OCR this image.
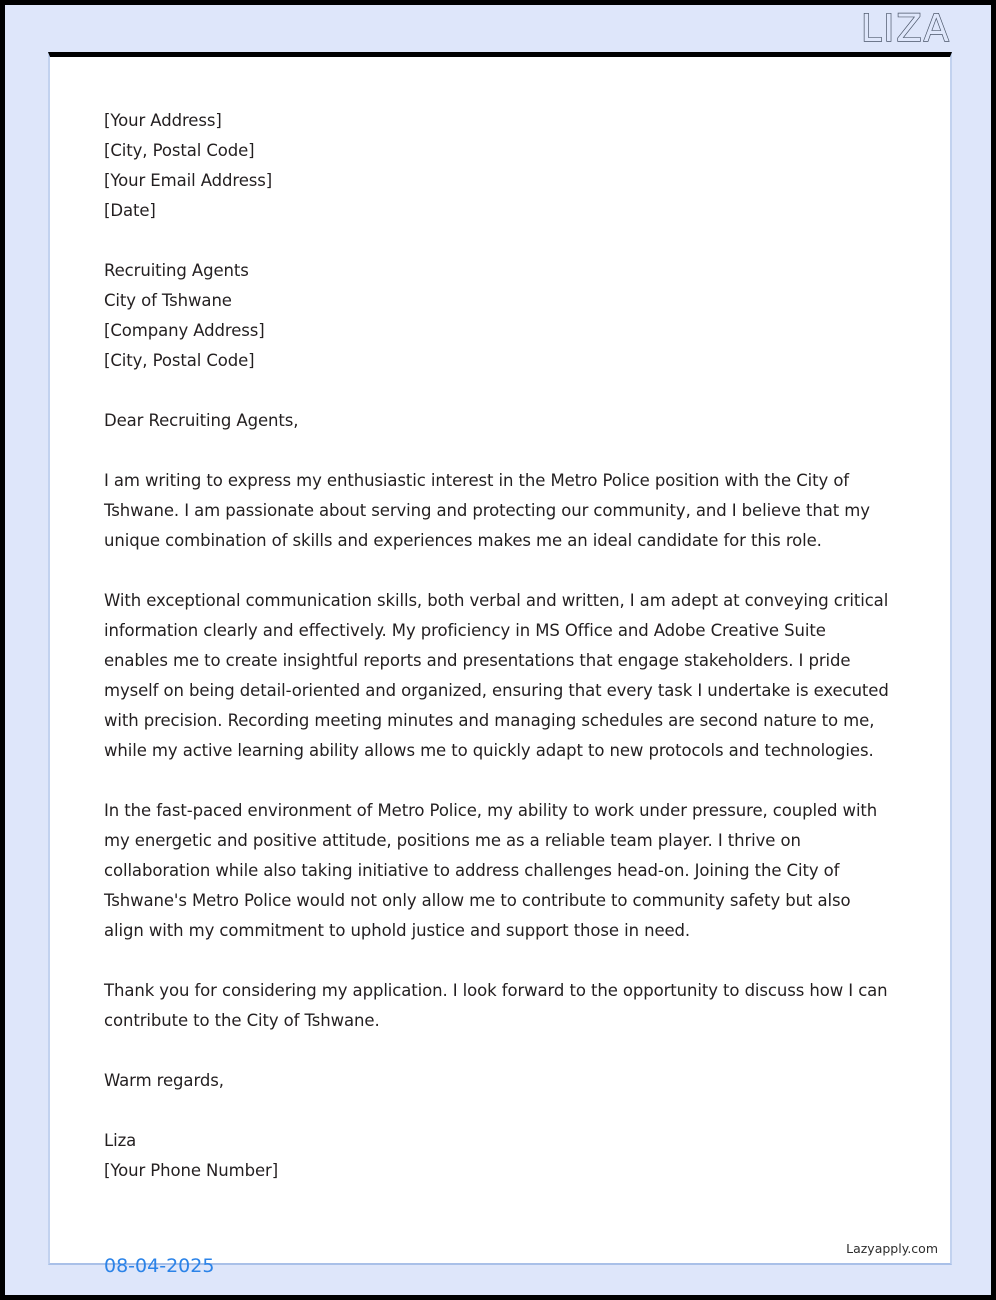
LIZA
[Your Address]
[City, Postal Code]
[Your Email Address]
[Date]
Recruiting Agents
City of Tshwane
[Company Address]
[City, Postal Code]
Dear Recruiting Agents,

I am writing to express my enthusiastic interest in the Metro Police position with the City of Tshwane. I am passionate about serving and protecting our community, and I believe that my unique combination of skills and experiences makes me an ideal candidate for this role.

With exceptional communication skills, both verbal and written, I am adept at conveying critical information clearly and effectively. My proficiency in MS Office and Adobe Creative Suite enables me to create insightful reports and presentations that engage stakeholders. I pride myself on being detail-oriented and organized, ensuring that every task I undertake is executed with precision. Recording meeting minutes and managing schedules are second nature to me, while my active learning ability allows me to quickly adapt to new protocols and technologies.

In the fast-paced environment of Metro Police, my ability to work under pressure, coupled with my energetic and positive attitude, positions me as a reliable team player. I thrive on collaboration while also taking initiative to address challenges head-on. Joining the City of Tshwane's Metro Police would not only allow me to contribute to community safety but also align with my commitment to uphold justice and support those in need.

Thank you for considering my application. I look forward to the opportunity to discuss how I can contribute to the City of Tshwane.

Warm regards,
Liza
[Your Phone Number]
Lazyapply.com
08-04-2025
